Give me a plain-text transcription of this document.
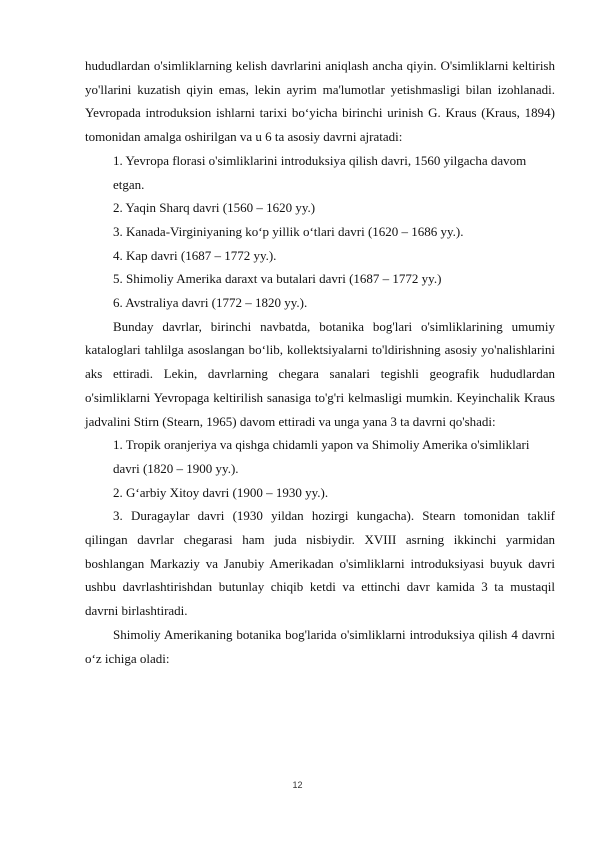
hududlardan o'simliklarning kelish davrlarini aniqlash ancha qiyin. O'simliklarni keltirish yo'llarini kuzatish qiyin emas, lekin ayrim ma'lumotlar yetishmasligi bilan izohlanadi. Yevropada introduksion ishlarni tarixi bo‘yicha birinchi urinish G. Kraus (Kraus, 1894) tomonidan amalga oshirilgan va u 6 ta asosiy davrni ajratadi:

1. Yevropa florasi o'simliklarini introduksiya qilish davri, 1560 yilgacha davom

etgan.

2. Yaqin Sharq davri (1560 – 1620 yy.)

3. Kanada-Virginiyaning ko‘p yillik o‘tlari davri (1620 – 1686 yy.).

4. Kap davri (1687 – 1772 yy.).

5. Shimoliy Amerika daraxt va butalari davri (1687 – 1772 yy.)

6. Avstraliya davri (1772 – 1820 yy.).

Bunday davrlar, birinchi navbatda, botanika bog'lari o'simliklarining umumiy kataloglari tahlilga asoslangan bo‘lib, kollektsiyalarni to'ldirishning asosiy yo'nalishlarini aks ettiradi. Lekin, davrlarning chegara sanalari tegishli geografik hududlardan o'simliklarni Yevropaga keltirilish sanasiga to'g'ri kelmasligi mumkin. Keyinchalik Kraus jadvalini Stirn (Stearn, 1965) davom ettiradi va unga yana 3 ta davrni qo'shadi:

1. Tropik oranjeriya va qishga chidamli yapon va Shimoliy Amerika o'simliklari

davri (1820 – 1900 yy.).

2. G‘arbiy Xitoy davri (1900 – 1930 yy.).

3. Duragaylar davri (1930 yildan hozirgi kungacha). Stearn tomonidan taklif qilingan davrlar chegarasi ham juda nisbiydir. XVIII asrning ikkinchi yarmidan boshlangan Markaziy va Janubiy Amerikadan o'simliklarni introduksiyasi buyuk davri ushbu davrlashtirishdan butunlay chiqib ketdi va ettinchi davr kamida 3 ta mustaqil davrni birlashtiradi.

Shimoliy Amerikaning botanika bog'larida o'simliklarni introduksiya qilish 4 davrni o‘z ichiga oladi:

12
